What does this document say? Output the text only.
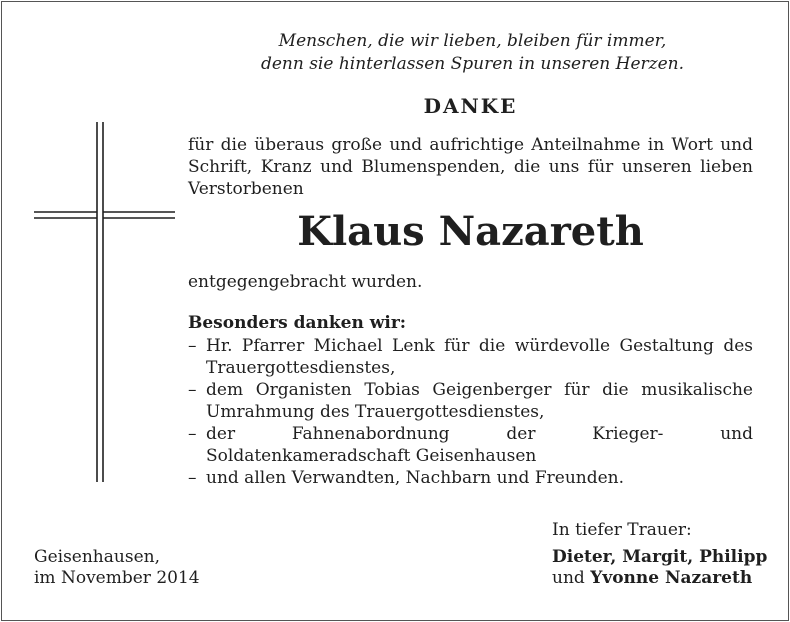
Menschen, die wir lieben, bleiben für immer,
denn sie hinterlassen Spuren in unseren Herzen.
DANKE
für die überaus große und aufrichtige Anteilnahme in Wort und Schrift, Kranz und Blumenspenden, die uns für unseren lieben Verstorbenen
Klaus Nazareth
entgegengebracht wurden.
Besonders danken wir:
– Hr. Pfarrer Michael Lenk für die würdevolle Gestaltung des Trauergottesdienstes,
– dem Organisten Tobias Geigenberger für die musikalische Umrahmung des Trauergottesdienstes,
– der Fahnenabordnung der Krieger- und Soldatenkameradschaft Geisenhausen
– und allen Verwandten, Nachbarn und Freunden.
In tiefer Trauer:
Geisenhausen,
im November 2014
Dieter, Margit, Philipp
und Yvonne Nazareth
